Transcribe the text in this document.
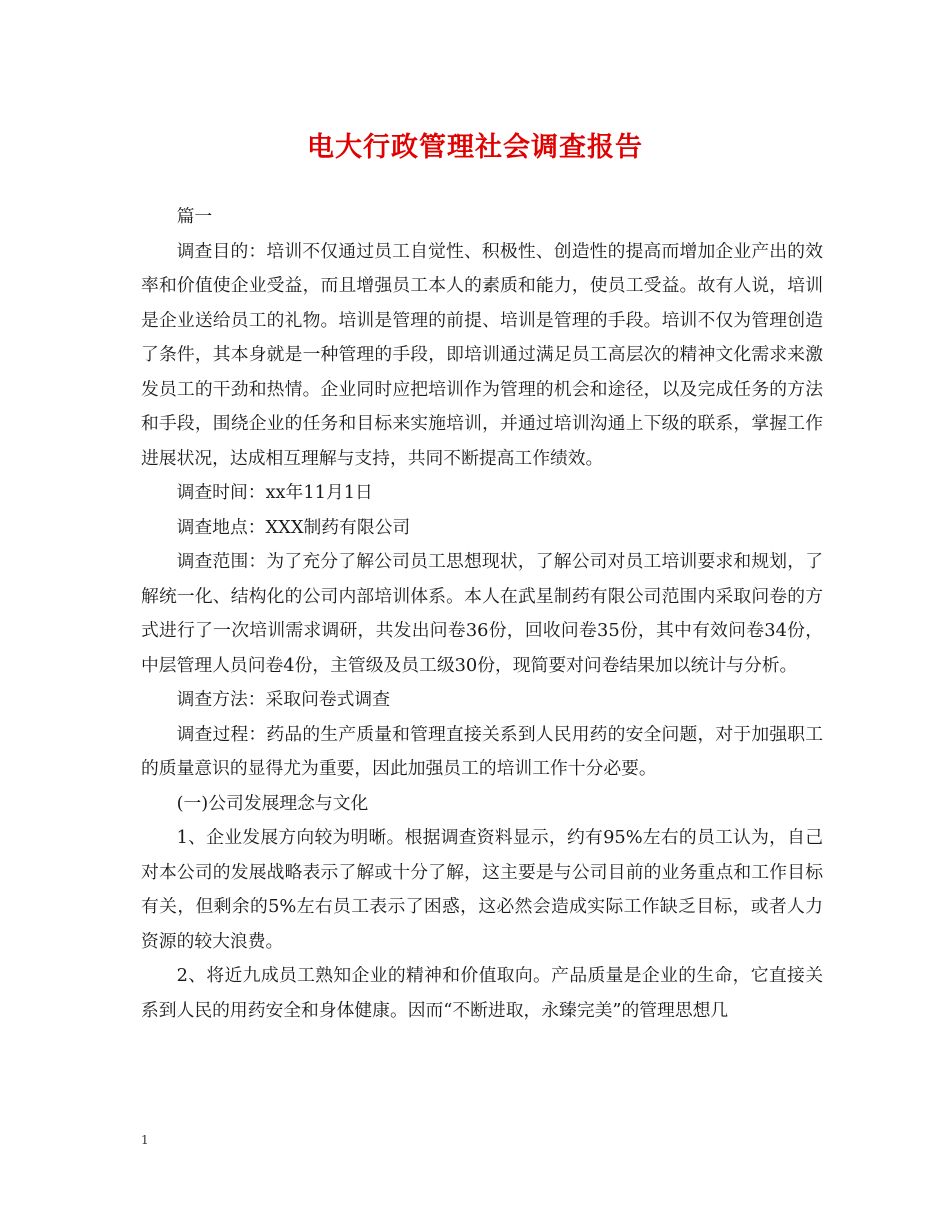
电大行政管理社会调查报告

篇一

调查目的：培训不仅通过员工自觉性、积极性、创造性的提高而增加企业产出的效率和价值使企业受益，而且增强员工本人的素质和能力，使员工受益。故有人说，培训是企业送给员工的礼物。培训是管理的前提、培训是管理的手段。培训不仅为管理创造了条件，其本身就是一种管理的手段，即培训通过满足员工高层次的精神文化需求来激发员工的干劲和热情。企业同时应把培训作为管理的机会和途径，以及完成任务的方法和手段，围绕企业的任务和目标来实施培训，并通过培训沟通上下级的联系，掌握工作进展状况，达成相互理解与支持，共同不断提高工作绩效。

调查时间：xx年11月1日

调查地点：XXX制药有限公司

调查范围：为了充分了解公司员工思想现状，了解公司对员工培训要求和规划，了解统一化、结构化的公司内部培训体系。本人在武星制药有限公司范围内采取问卷的方式进行了一次培训需求调研，共发出问卷36份，回收问卷35份，其中有效问卷34份，中层管理人员问卷4份，主管级及员工级30份，现简要对问卷结果加以统计与分析。

调查方法：采取问卷式调查

调查过程：药品的生产质量和管理直接关系到人民用药的安全问题，对于加强职工的质量意识的显得尤为重要，因此加强员工的培训工作十分必要。

(一)公司发展理念与文化

1、企业发展方向较为明晰。根据调查资料显示，约有95%左右的员工认为，自己对本公司的发展战略表示了解或十分了解，这主要是与公司目前的业务重点和工作目标有关，但剩余的5%左右员工表示了困惑，这必然会造成实际工作缺乏目标，或者人力资源的较大浪费。

2、将近九成员工熟知企业的精神和价值取向。产品质量是企业的生命，它直接关系到人民的用药安全和身体健康。因而“不断进取，永臻完美”的管理思想几

1
